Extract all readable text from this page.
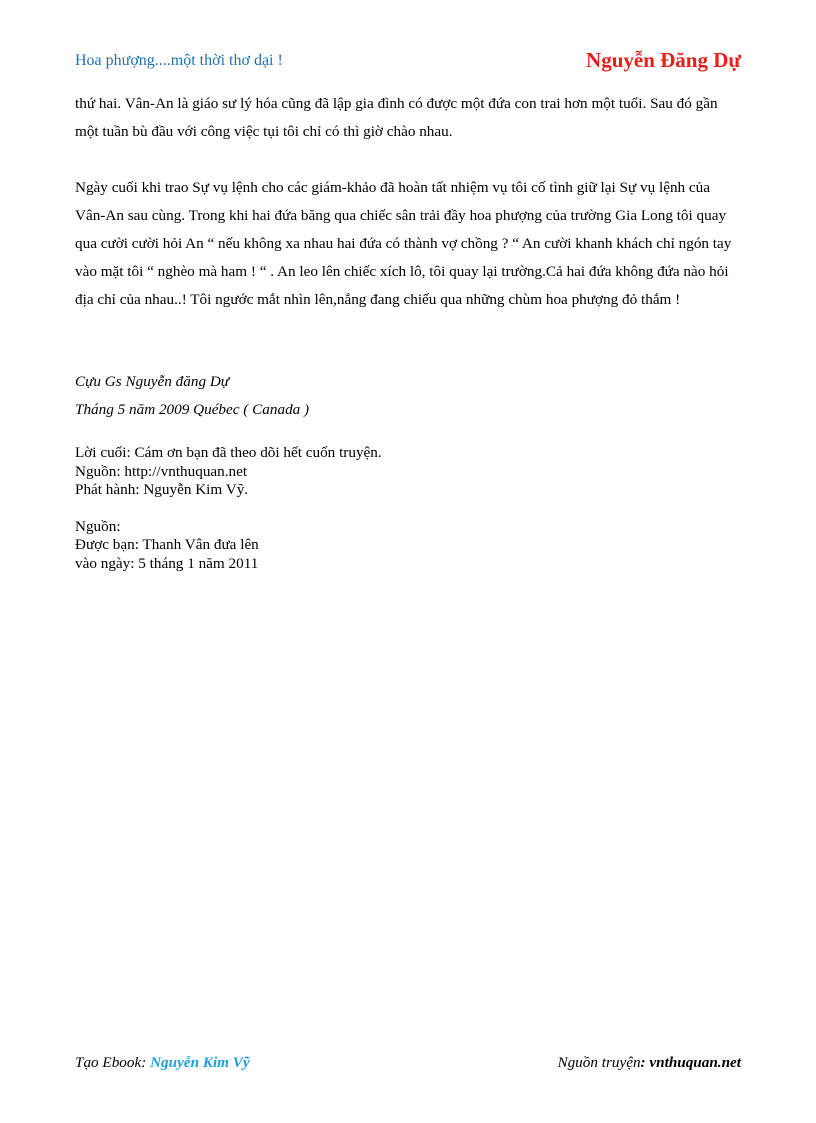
Hoa phượng....một thời thơ dại !	Nguyễn Đăng Dự

thứ hai. Vân-An là giáo sư lý hóa cũng đã lập gia đình có được một đứa con trai hơn một tuổi. Sau đó gần một tuần bù đầu với công việc tụi tôi chỉ có thì giờ chào nhau.

Ngày cuối khi trao Sự vụ lệnh cho các giám-khảo đã hoàn tất nhiệm vụ tôi cố tình giữ lại Sự vụ lệnh của Vân-An sau cùng. Trong khi hai đứa băng qua chiếc sân trải đầy hoa phượng của trường Gia Long tôi quay qua cười cười hỏi An “ nếu không xa nhau hai đứa có thành vợ chồng ? “ An cười khanh khách chỉ ngón tay vào mặt tôi “ nghèo mà ham ! “ . An leo lên chiếc xích lô, tôi quay lại trường.Cả hai đứa không đứa nào hỏi địa chỉ của nhau..! Tôi ngước mắt nhìn lên,nắng đang chiếu qua những chùm hoa phượng đỏ thắm !

Cựu Gs Nguyễn đăng Dự
Tháng 5 năm 2009 Québec ( Canada )
Lời cuối: Cám ơn bạn đã theo dõi hết cuốn truyện.
Nguồn: http://vnthuquan.net
Phát hành: Nguyễn Kim Vỹ.
Nguồn:
Được bạn: Thanh Vân đưa lên
vào ngày: 5 tháng 1 năm 2011
Tạo Ebook: Nguyễn Kim Vỹ	Nguồn truyện: vnthuquan.net
